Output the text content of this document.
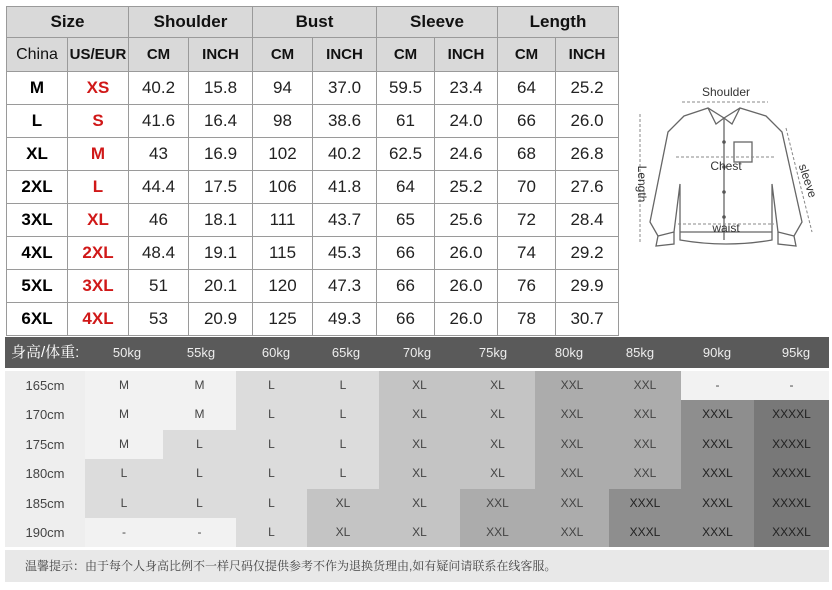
Size		Shoulder		Bust		Sleeve		Length	
China	US/EUR	CM	INCH	CM	INCH	CM	INCH	CM	INCH
M	XS	40.2	15.8	94	37.0	59.5	23.4	64	25.2
L	S	41.6	16.4	98	38.6	61	24.0	66	26.0
XL	M	43	16.9	102	40.2	62.5	24.6	68	26.8
2XL	L	44.4	17.5	106	41.8	64	25.2	70	27.6
3XL	XL	46	18.1	111	43.7	65	25.6	72	28.4
4XL	2XL	48.4	19.1	115	45.3	66	26.0	74	29.2
5XL	3XL	51	20.1	120	47.3	66	26.0	76	29.9
6XL	4XL	53	20.9	125	49.3	66	26.0	78	30.7
Shoulder
Chest
waist
Length	sleeve
身高/体重:	50kg	55kg	60kg	65kg	70kg	75kg	80kg	85kg	90kg	95kg
165cm	M	M	L	L	XL	XL	XXL	XXL	-	-
170cm	M	M	L	L	XL	XL	XXL	XXL	XXXL	XXXXL
175cm	M	L	L	L	XL	XL	XXL	XXL	XXXL	XXXXL
180cm	L	L	L	L	XL	XL	XXL	XXL	XXXL	XXXXL
185cm	L	L	L	XL	XL	XXL	XXL	XXXL	XXXL	XXXXL
190cm	-	-	L	XL	XL	XXL	XXL	XXXL	XXXL	XXXXL
温馨提示：由于每个人身高比例不一样尺码仅提供参考不作为退换货理由,如有疑问请联系在线客服。
